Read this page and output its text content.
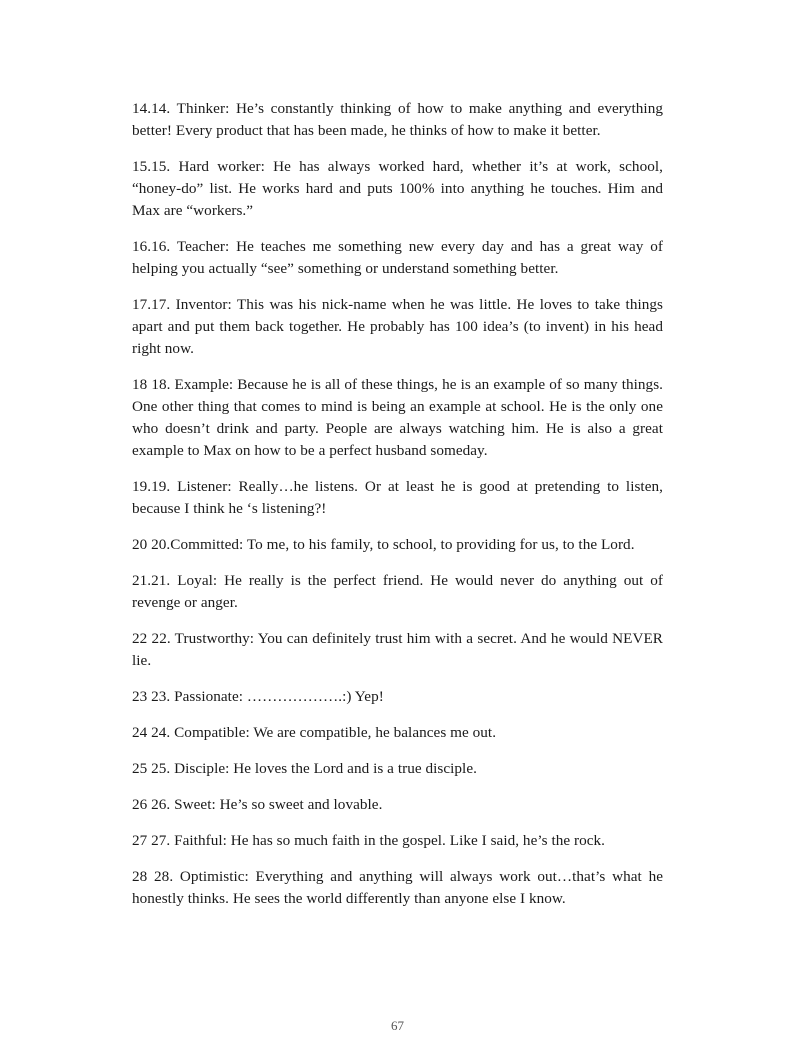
14.14. Thinker: He’s constantly thinking of how to make anything and everything better! Every product that has been made, he thinks of how to make it better.

15.15. Hard worker: He has always worked hard, whether it’s at work, school, “honey-do” list. He works hard and puts 100% into anything he touches. Him and Max are “workers.”

16.16. Teacher: He teaches me something new every day and has a great way of helping you actually “see” something or understand something better.

17.17. Inventor: This was his nick-name when he was little. He loves to take things apart and put them back together. He probably has 100 idea’s (to invent) in his head right now.

18 18. Example: Because he is all of these things, he is an example of so many things. One other thing that comes to mind is being an example at school. He is the only one who doesn’t drink and party. People are always watching him. He is also a great example to Max on how to be a perfect husband someday.

19.19. Listener: Really…he listens. Or at least he is good at pretending to listen, because I think he ‘s listening?!

20 20.Committed: To me, to his family, to school, to providing for us, to the Lord.

21.21. Loyal: He really is the perfect friend. He would never do anything out of revenge or anger.

22 22. Trustworthy: You can definitely trust him with a secret. And he would NEVER lie.

23 23. Passionate: ……………….:) Yep!

24 24. Compatible: We are compatible, he balances me out.

25 25. Disciple: He loves the Lord and is a true disciple.

26 26. Sweet: He’s so sweet and lovable.

27 27. Faithful: He has so much faith in the gospel. Like I said, he’s the rock.

28 28. Optimistic: Everything and anything will always work out…that’s what he honestly thinks. He sees the world differently than anyone else I know.

67
